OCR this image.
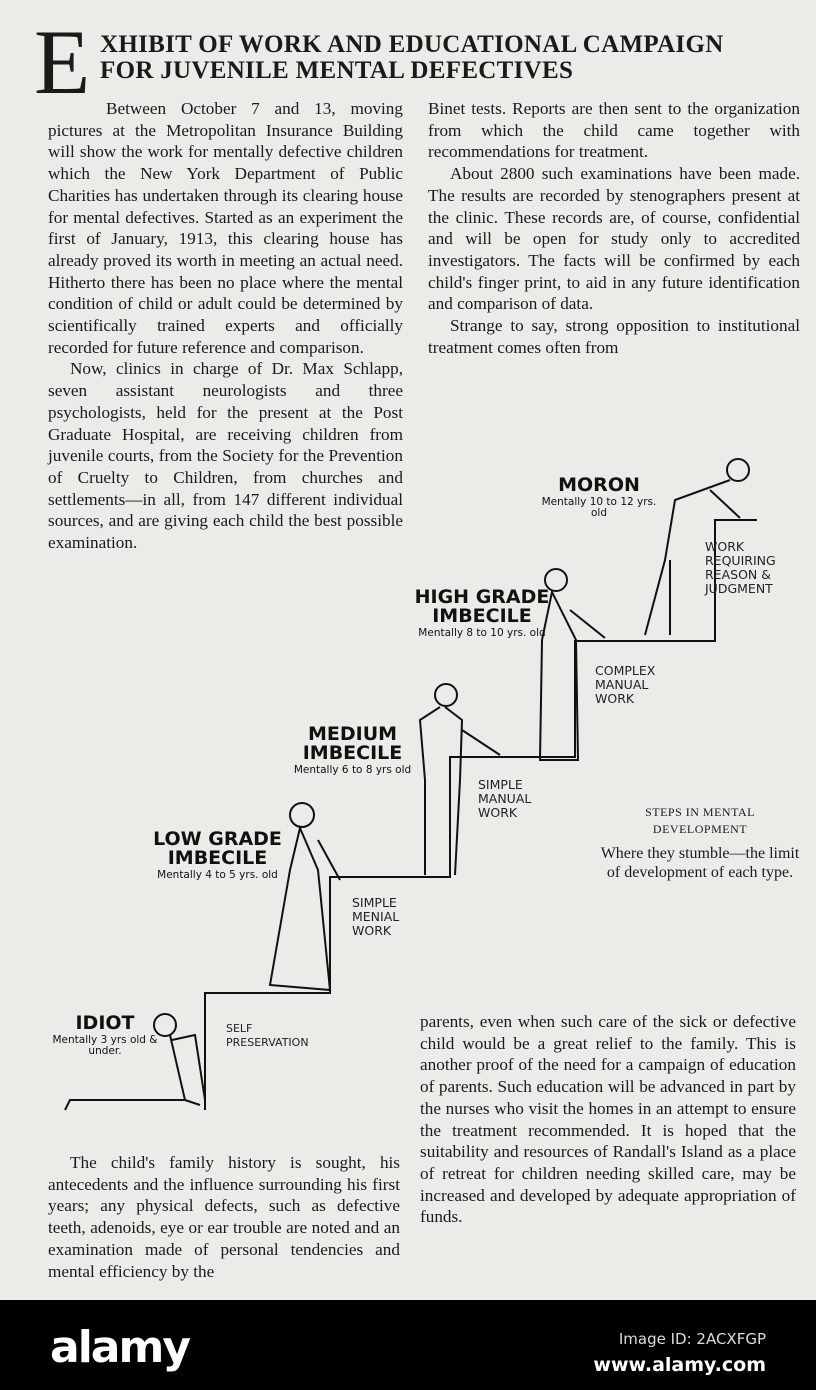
E XHIBIT OF WORK AND EDUCATIONAL CAMPAIGN
FOR JUVENILE MENTAL DEFECTIVES

Between October 7 and 13, moving pictures at the Metropolitan Insurance Building will show the work for mentally defective children which the New York Department of Public Charities has undertaken through its clearing house for mental defectives. Started as an experiment the first of January, 1913, this clearing house has already proved its worth in meeting an actual need. Hitherto there has been no place where the mental condition of child or adult could be determined by scientifically trained experts and officially recorded for future reference and comparison.

Now, clinics in charge of Dr. Max Schlapp, seven assistant neurologists and three psychologists, held for the present at the Post Graduate Hospital, are receiving children from juvenile courts, from the Society for the Prevention of Cruelty to Children, from churches and settlements—in all, from 147 different individual sources, and are giving each child the best possible examination.

Binet tests. Reports are then sent to the organization from which the child came together with recommendations for treatment.

About 2800 such examinations have been made. The results are recorded by stenographers present at the clinic. These records are, of course, confidential and will be open for study only to accredited investigators. The facts will be confirmed by each child's finger print, to aid in any future identification and comparison of data.

Strange to say, strong opposition to institutional treatment comes often from

MORON
Mentally 10 to 12 yrs. old
WORK REQUIRING REASON & JUDGMENT
HIGH GRADE IMBECILE
Mentally 8 to 10 yrs. old
COMPLEX MANUAL WORK
MEDIUM IMBECILE
Mentally 6 to 8 yrs old
SIMPLE MANUAL WORK
LOW GRADE IMBECILE
Mentally 4 to 5 yrs. old
SIMPLE MENIAL WORK
IDIOT
Mentally 3 yrs old & under.
SELF PRESERVATION
STEPS IN MENTAL DEVELOPMENT
Where they stumble—the limit of development of each type.

The child's family history is sought, his antecedents and the influence surrounding his first years; any physical defects, such as defective teeth, adenoids, eye or ear trouble are noted and an examination made of personal tendencies and mental efficiency by the

parents, even when such care of the sick or defective child would be a great relief to the family. This is another proof of the need for a campaign of education of parents. Such education will be advanced in part by the nurses who visit the homes in an attempt to ensure the treatment recommended. It is hoped that the suitability and resources of Randall's Island as a place of retreat for children needing skilled care, may be increased and developed by adequate appropriation of funds.

alamy	Image ID: 2ACXFGP
www.alamy.com
